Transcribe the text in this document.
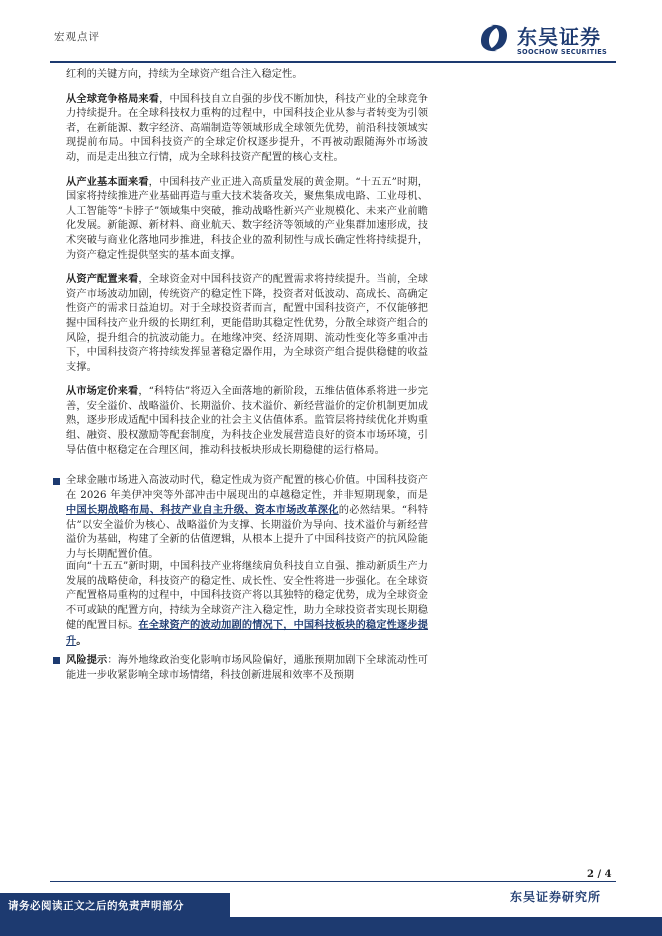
宏观点评	东吴证券
SOOCHOW SECURITIES

红利的关键方向，持续为全球资产组合注入稳定性。

从全球竞争格局来看，中国科技自立自强的步伐不断加快，科技产业的全球竞争力持续提升。在全球科技权力重构的过程中，中国科技企业从参与者转变为引领者，在新能源、数字经济、高端制造等领域形成全球领先优势，前沿科技领域实现提前布局。中国科技资产的全球定价权逐步提升，不再被动跟随海外市场波动，而是走出独立行情，成为全球科技资产配置的核心支柱。

从产业基本面来看，中国科技产业正进入高质量发展的黄金期。“十五五”时期，国家将持续推进产业基础再造与重大技术装备攻关，聚焦集成电路、工业母机、人工智能等“卡脖子”领域集中突破，推动战略性新兴产业规模化、未来产业前瞻化发展。新能源、新材料、商业航天、数字经济等领域的产业集群加速形成，技术突破与商业化落地同步推进，科技企业的盈利韧性与成长确定性将持续提升，为资产稳定性提供坚实的基本面支撑。

从资产配置来看，全球资金对中国科技资产的配置需求将持续提升。当前，全球资产市场波动加剧，传统资产的稳定性下降，投资者对低波动、高成长、高确定性资产的需求日益迫切。对于全球投资者而言，配置中国科技资产，不仅能够把握中国科技产业升级的长期红利，更能借助其稳定性优势，分散全球资产组合的风险，提升组合的抗波动能力。在地缘冲突、经济周期、流动性变化等多重冲击下，中国科技资产将持续发挥显著稳定器作用，为全球资产组合提供稳健的收益支撑。

从市场定价来看，“科特估”将迈入全面落地的新阶段，五维估值体系将进一步完善，安全溢价、战略溢价、长期溢价、技术溢价、新经营溢价的定价机制更加成熟，逐步形成适配中国科技企业的社会主义估值体系。监管层将持续优化并购重组、融资、股权激励等配套制度，为科技企业发展营造良好的资本市场环境，引导估值中枢稳定在合理区间，推动科技板块形成长期稳健的运行格局。

全球金融市场进入高波动时代，稳定性成为资产配置的核心价值。中国科技资产在 2026 年美伊冲突等外部冲击中展现出的卓越稳定性，并非短期现象，而是中国长期战略布局、科技产业自主升级、资本市场改革深化的必然结果。“科特估”以安全溢价为核心、战略溢价为支撑、长期溢价为导向、技术溢价与新经营溢价为基础，构建了全新的估值逻辑，从根本上提升了中国科技资产的抗风险能力与长期配置价值。

面向“十五五”新时期，中国科技产业将继续肩负科技自立自强、推动新质生产力发展的战略使命，科技资产的稳定性、成长性、安全性将进一步强化。在全球资产配置格局重构的过程中，中国科技资产将以其独特的稳定优势，成为全球资金不可或缺的配置方向，持续为全球资产注入稳定性，助力全球投资者实现长期稳健的配置目标。在全球资产的波动加剧的情况下，中国科技板块的稳定性逐步提升。

风险提示：海外地缘政治变化影响市场风险偏好，通胀预期加剧下全球流动性可能进一步收紧影响全球市场情绪，科技创新进展和效率不及预期

2 / 4
东吴证券研究所
请务必阅读正文之后的免责声明部分
